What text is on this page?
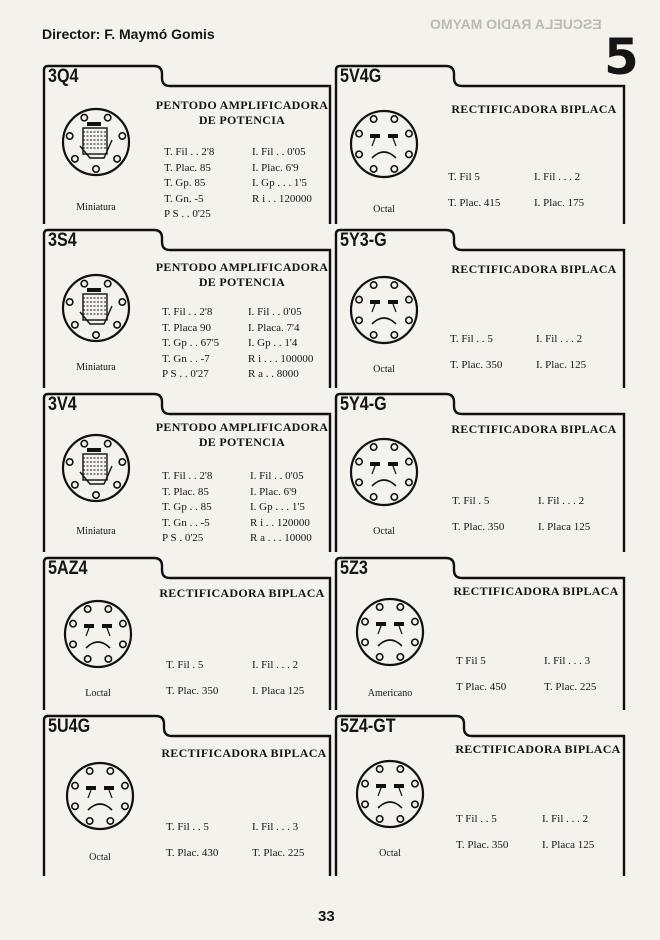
ESCUELA RADIO MAYMO
Director: F. Maymó Gomis	5
3Q4
PENTODO AMPLIFICADORA
DE POTENCIA
Miniatura
T. Fil . . 2'8
T. Plac. 85
T. Gp. 85
T. Gn. -5
P S . . 0'25
I. Fil . . 0'05
I. Plac. 6'9
I. Gp . . . 1'5
R i . . 120000
3S4
PENTODO AMPLIFICADORA
DE POTENCIA
Miniatura
T. Fil . . 2'8
T. Placa 90
T. Gp . . 67'5
T. Gn . . -7
P S . . 0'27
I. Fil . . 0'05
I. Placa. 7'4
I. Gp . . 1'4
R i . . . 100000
R a . . 8000
3V4
PENTODO AMPLIFICADORA
DE POTENCIA
Miniatura
T. Fil . . 2'8
T. Plac. 85
T. Gp . . 85
T. Gn . . -5
P S . 0'25
I. Fil . . 0'05
I. Plac. 6'9
I. Gp . . . 1'5
R i . . 120000
R a . . . 10000
5AZ4
RECTIFICADORA BIPLACA
Loctal
T. Fil . 5
T. Plac. 350
I. Fil . . . 2
I. Placa 125
5U4G
RECTIFICADORA BIPLACA
Octal
T. Fil . . 5
T. Plac. 430
I. Fil . . . 3
T. Plac. 225
5V4G
RECTIFICADORA BIPLACA
Octal
T. Fil 5
T. Plac. 415
I. Fil . . . 2
I. Plac. 175
5Y3-G
RECTIFICADORA BIPLACA
Octal
T. Fil . . 5
T. Plac. 350
I. Fil . . . 2
I. Plac. 125
5Y4-G
RECTIFICADORA BIPLACA
Octal
T. Fil . 5
T. Plac. 350
I. Fil . . . 2
I. Placa 125
5Z3
RECTIFICADORA BIPLACA
Americano
T Fil 5
T Plac. 450
I. Fil . . . 3
T. Plac. 225
5Z4-GT
RECTIFICADORA BIPLACA
Octal
T Fil . . 5
T. Plac. 350
I. Fil . . . 2
I. Placa 125
33
